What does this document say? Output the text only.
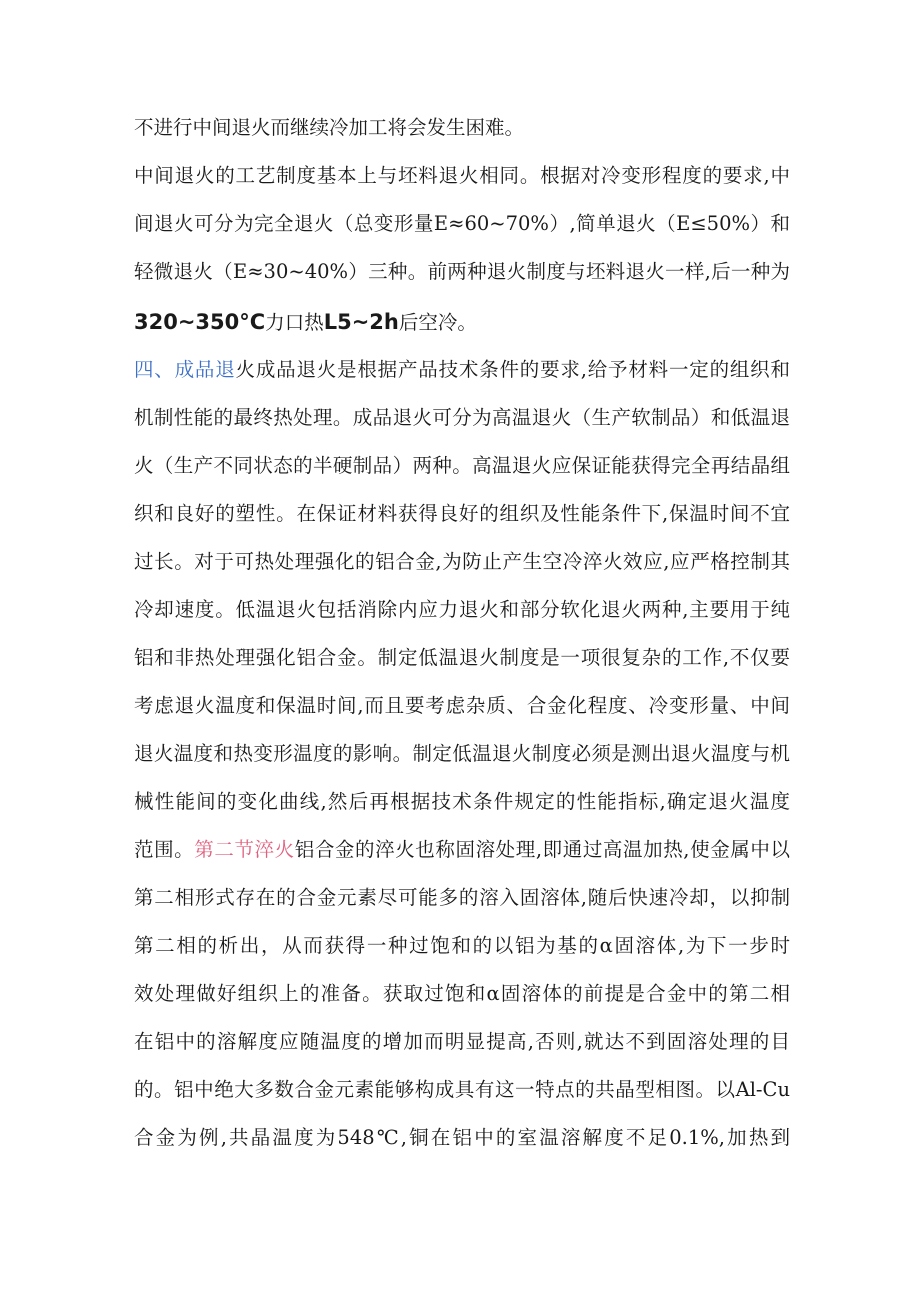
不进行中间退火而继续冷加工将会发生困难。
中间退火的工艺制度基本上与坯料退火相同。根据对冷变形程度的要求,中
间退火可分为完全退火（总变形量E≈60~70%）,简单退火（E≤50%）和
轻微退火（E≈30~40%）三种。前两种退火制度与坯料退火一样,后一种为
320~350°C力口热L5~2h后空冷。
四、成品退火成品退火是根据产品技术条件的要求,给予材料一定的组织和
机制性能的最终热处理。成品退火可分为高温退火（生产软制品）和低温退
火（生产不同状态的半硬制品）两种。高温退火应保证能获得完全再结晶组
织和良好的塑性。在保证材料获得良好的组织及性能条件下,保温时间不宜
过长。对于可热处理强化的铝合金,为防止产生空冷淬火效应,应严格控制其
冷却速度。低温退火包括消除内应力退火和部分软化退火两种,主要用于纯
铝和非热处理强化铝合金。制定低温退火制度是一项很复杂的工作,不仅要
考虑退火温度和保温时间,而且要考虑杂质、合金化程度、冷变形量、中间
退火温度和热变形温度的影响。制定低温退火制度必须是测出退火温度与机
械性能间的变化曲线,然后再根据技术条件规定的性能指标,确定退火温度
范围。第二节淬火铝合金的淬火也称固溶处理,即通过高温加热,使金属中以
第二相形式存在的合金元素尽可能多的溶入固溶体,随后快速冷却，以抑制
第二相的析出，从而获得一种过饱和的以铝为基的α固溶体,为下一步时
效处理做好组织上的准备。获取过饱和α固溶体的前提是合金中的第二相
在铝中的溶解度应随温度的增加而明显提高,否则,就达不到固溶处理的目
的。铝中绝大多数合金元素能够构成具有这一特点的共晶型相图。以Al-Cu
合金为例,共晶温度为548℃,铜在铝中的室温溶解度不足0.1%,加热到
